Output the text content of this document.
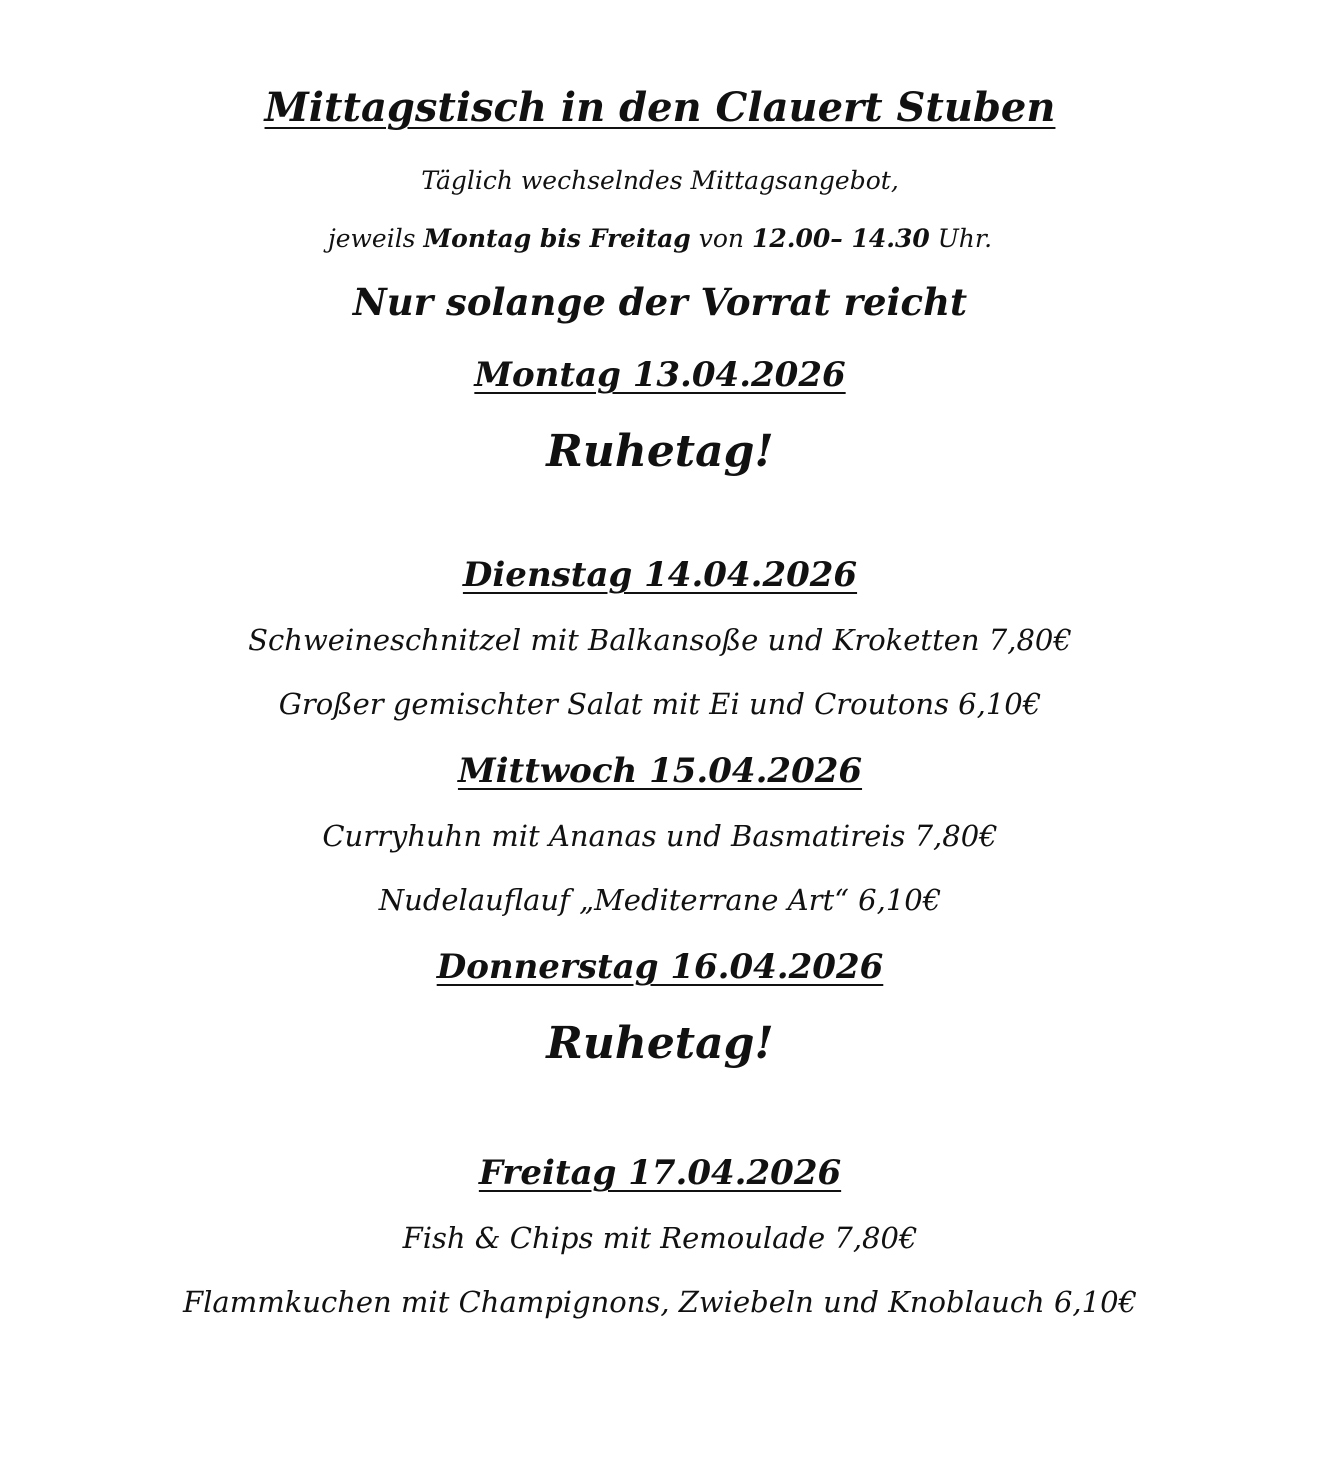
Mittagstisch in den Clauert Stuben
Täglich wechselndes Mittagsangebot,
jeweils Montag bis Freitag von 12.00– 14.30 Uhr.
Nur solange der Vorrat reicht
Montag 13.04.2026
Ruhetag!
Dienstag 14.04.2026
Schweineschnitzel mit Balkansoße und Kroketten 7,80€
Großer gemischter Salat mit Ei und Croutons 6,10€
Mittwoch 15.04.2026
Curryhuhn mit Ananas und Basmatireis 7,80€
Nudelauflauf „Mediterrane Art“ 6,10€
Donnerstag 16.04.2026
Ruhetag!
Freitag 17.04.2026
Fish & Chips mit Remoulade 7,80€
Flammkuchen mit Champignons, Zwiebeln und Knoblauch 6,10€
